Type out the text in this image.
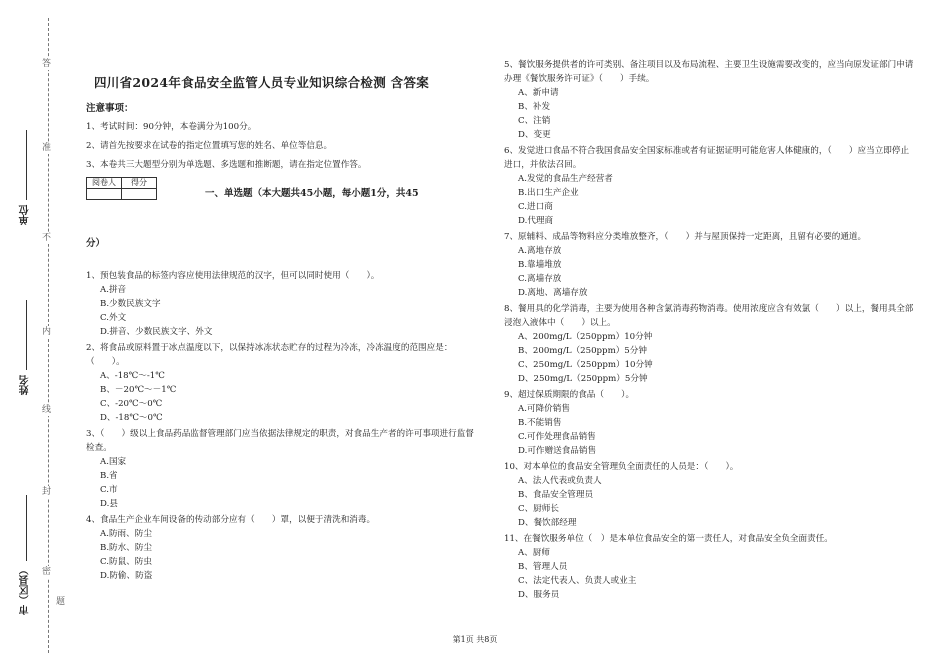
答
准
不
内
线
封
密
单位
姓名
市（区县）	题
四川省2024年食品安全监管人员专业知识综合检测 含答案
注意事项：
1、考试时间：90分钟，本卷满分为100分。
2、请首先按要求在试卷的指定位置填写您的姓名、单位等信息。
3、本卷共三大题型分别为单选题、多选题和推断题，请在指定位置作答。
阅卷人	得分

一、单选题（本大题共45小题，每小题1分，共45
分）
1、预包装食品的标签内容应使用法律规范的汉字，但可以同时使用（　　）。
A.拼音
B.少数民族文字
C.外文
D.拼音、少数民族文字、外文
2、将食品或原料置于冰点温度以下，以保持冰冻状态贮存的过程为冷冻，冷冻温度的范围应是：（　　）。
A、-18℃～-1℃
B、－20℃～－1℃
C、-20℃～0℃
D、-18℃～0℃
3、（　　）级以上食品药品监督管理部门应当依据法律规定的职责，对食品生产者的许可事项进行监督检查。
A.国家
B.省
C.市
D.县
4、食品生产企业车间设备的传动部分应有（　　）罩，以便于清洗和消毒。
A.防雨、防尘
B.防水、防尘
C.防鼠、防虫
D.防偷、防盗
5、餐饮服务提供者的许可类别、备注项目以及布局流程、主要卫生设施需要改变的，应当向原发证部门申请办理《餐饮服务许可证》（　　）手续。
A、新申请
B、补发
C、注销
D、变更
6、发觉进口食品不符合我国食品安全国家标准或者有证据证明可能危害人体健康的，（　　）应当立即停止进口，并依法召回。
A.发觉的食品生产经营者
B.出口生产企业
C.进口商
D.代理商
7、原辅料、成品等物料应分类堆放整齐，（　　）并与屋顶保持一定距离，且留有必要的通道。
A.离地存放
B.靠墙堆放
C.离墙存放
D.离地、离墙存放
8、餐用具的化学消毒，主要为使用各种含氯消毒药物消毒。使用浓度应含有效氯（　　）以上，餐用具全部浸泡入液体中（　　）以上。
A、200mg/L（250ppm）10分钟
B、200mg/L（250ppm）5分钟
C、250mg/L（250ppm）10分钟
D、250mg/L（250ppm）5分钟
9、超过保质期限的食品（　　）。
A.可降价销售
B.不能销售
C.可作处理食品销售
D.可作赠送食品销售
10、对本单位的食品安全管理负全面责任的人员是：（　　）。
A、法人代表或负责人
B、食品安全管理员
C、厨师长
D、餐饮部经理
11、在餐饮服务单位（　）是本单位食品安全的第一责任人，对食品安全负全面责任。
A、厨师
B、管理人员
C、法定代表人、负责人或业主
D、服务员
第1页 共8页
